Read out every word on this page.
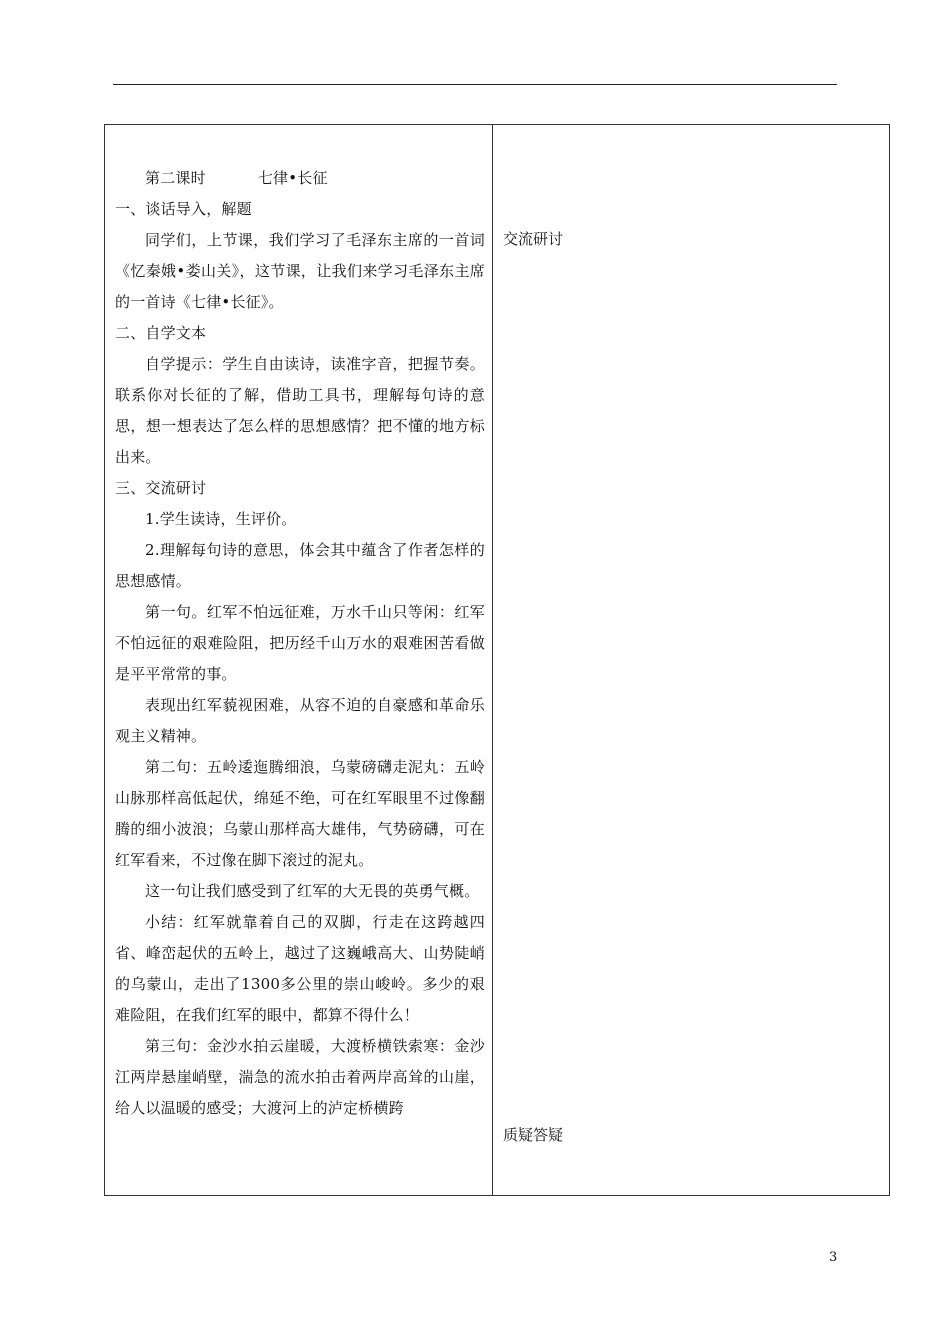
第二课时	七律•长征

一、谈话导入，解题

同学们，上节课，我们学习了毛泽东主席的一首词《忆秦娥•娄山关》，这节课，让我们来学习毛泽东主席的一首诗《七律•长征》。

二、自学文本

自学提示：学生自由读诗，读准字音，把握节奏。联系你对长征的了解，借助工具书，理解每句诗的意思，想一想表达了怎么样的思想感情？把不懂的地方标出来。

三、交流研讨

1.学生读诗，生评价。

2.理解每句诗的意思，体会其中蕴含了作者怎样的思想感情。

第一句。红军不怕远征难，万水千山只等闲：红军不怕远征的艰难险阻，把历经千山万水的艰难困苦看做是平平常常的事。

表现出红军藐视困难，从容不迫的自豪感和革命乐观主义精神。

第二句：五岭逶迤腾细浪，乌蒙磅礴走泥丸：五岭山脉那样高低起伏，绵延不绝，可在红军眼里不过像翻腾的细小波浪；乌蒙山那样高大雄伟，气势磅礴，可在红军看来，不过像在脚下滚过的泥丸。

这一句让我们感受到了红军的大无畏的英勇气概。

小结：红军就靠着自己的双脚，行走在这跨越四省、峰峦起伏的五岭上，越过了这巍峨高大、山势陡峭的乌蒙山，走出了1300多公里的崇山峻岭。多少的艰难险阻，在我们红军的眼中，都算不得什么！

第三句：金沙水拍云崖暖，大渡桥横铁索寒：金沙江两岸悬崖峭壁，湍急的流水拍击着两岸高耸的山崖，给人以温暖的感受；大渡河上的泸定桥横跨

交流研讨
质疑答疑
3
